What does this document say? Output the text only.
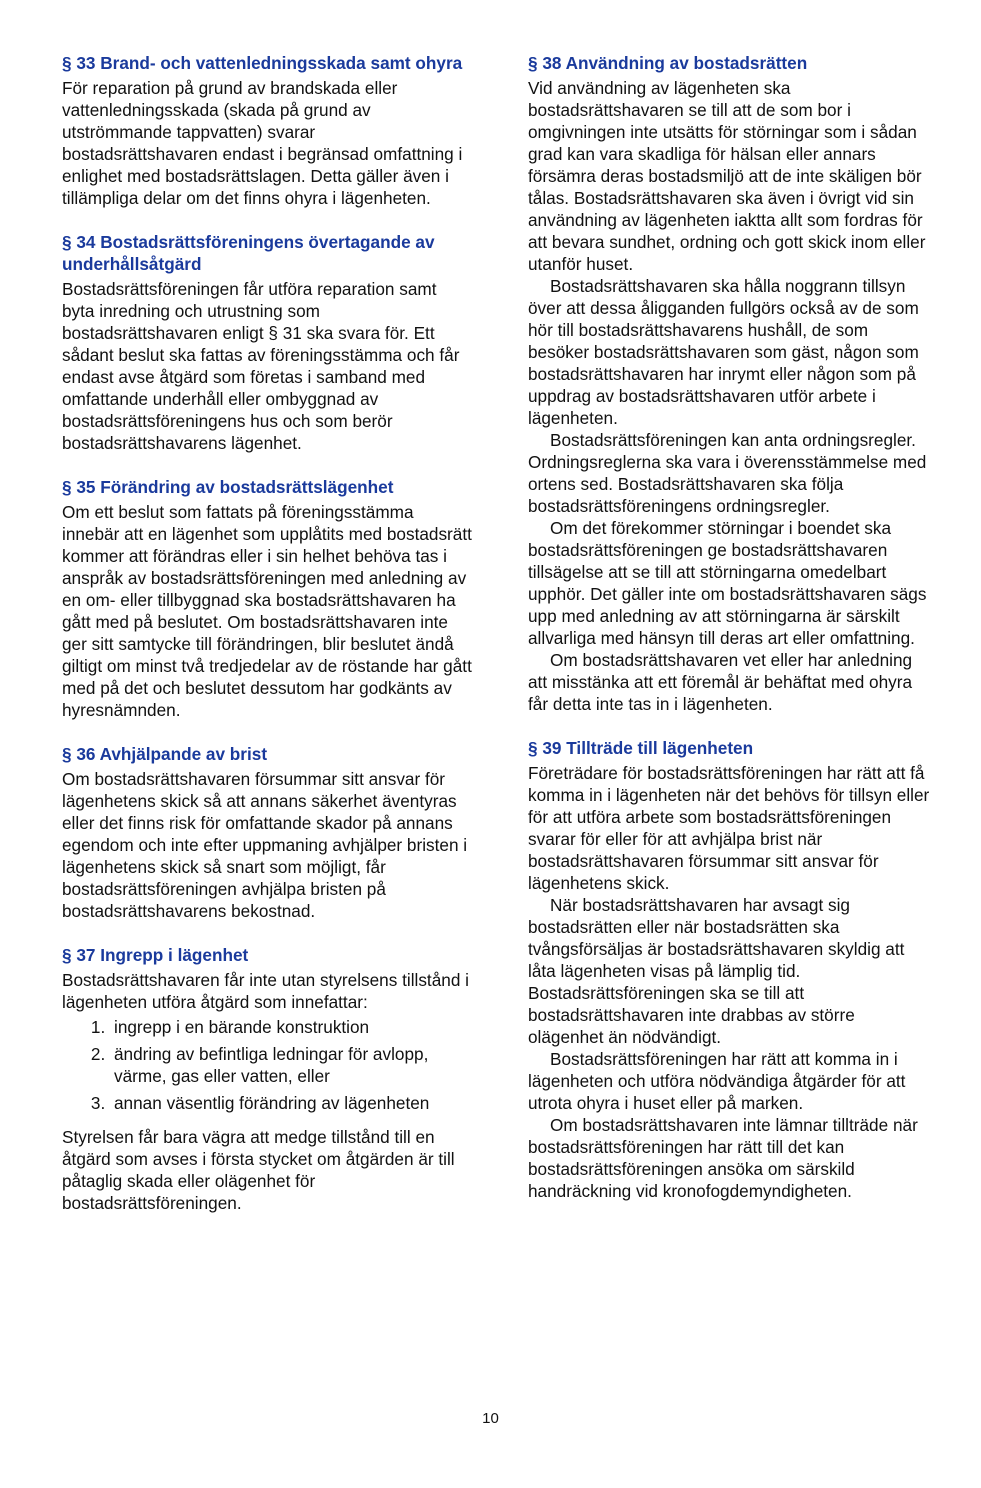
§ 33 Brand- och vattenledningsskada samt ohyra

För reparation på grund av brandskada eller vattenledningsskada (skada på grund av utströmmande tappvatten) svarar bostadsrättshavaren endast i begränsad omfattning i enlighet med bostadsrättslagen. Detta gäller även i tillämpliga delar om det finns ohyra i lägenheten.

§ 34 Bostadsrättsföreningens övertagande av underhållsåtgärd

Bostadsrättsföreningen får utföra reparation samt byta inredning och utrustning som bostadsrättshavaren enligt § 31 ska svara för. Ett sådant beslut ska fattas av föreningsstämma och får endast avse åtgärd som företas i samband med omfattande underhåll eller ombyggnad av bostadsrättsföreningens hus och som berör bostadsrättshavarens lägenhet.

§ 35 Förändring av bostadsrättslägenhet

Om ett beslut som fattats på föreningsstämma innebär att en lägenhet som upplåtits med bostadsrätt kommer att förändras eller i sin helhet behöva tas i anspråk av bostadsrättsföreningen med anledning av en om- eller tillbyggnad ska bostadsrättshavaren ha gått med på beslutet. Om bostadsrättshavaren inte ger sitt samtycke till förändringen, blir beslutet ändå giltigt om minst två tredjedelar av de röstande har gått med på det och beslutet dessutom har godkänts av hyresnämnden.

§ 36 Avhjälpande av brist

Om bostadsrättshavaren försummar sitt ansvar för lägenhetens skick så att annans säkerhet äventyras eller det finns risk för omfattande skador på annans egendom och inte efter uppmaning avhjälper bristen i lägenhetens skick så snart som möjligt, får bostadsrättsföreningen avhjälpa bristen på bostadsrättshavarens bekostnad.

§ 37 Ingrepp i lägenhet

Bostadsrättshavaren får inte utan styrelsens tillstånd i lägenheten utföra åtgärd som innefattar:

1. ingrepp i en bärande konstruktion
2. ändring av befintliga ledningar för avlopp, värme, gas eller vatten, eller
3. annan väsentlig förändring av lägenheten

Styrelsen får bara vägra att medge tillstånd till en åtgärd som avses i första stycket om åtgärden är till påtaglig skada eller olägenhet för bostadsrättsföreningen.

§ 38 Användning av bostadsrätten

Vid användning av lägenheten ska bostadsrättshavaren se till att de som bor i omgivningen inte utsätts för störningar som i sådan grad kan vara skadliga för hälsan eller annars försämra deras bostadsmiljö att de inte skäligen bör tålas. Bostadsrättshavaren ska även i övrigt vid sin användning av lägenheten iaktta allt som fordras för att bevara sundhet, ordning och gott skick inom eller utanför huset.

Bostadsrättshavaren ska hålla noggrann tillsyn över att dessa åligganden fullgörs också av de som hör till bostadsrättshavarens hushåll, de som besöker bostadsrättshavaren som gäst, någon som bostadsrättshavaren har inrymt eller någon som på uppdrag av bostadsrättshavaren utför arbete i lägenheten.

Bostadsrättsföreningen kan anta ordningsregler. Ordningsreglerna ska vara i överensstämmelse med ortens sed. Bostadsrättshavaren ska följa bostadsrättsföreningens ordningsregler.

Om det förekommer störningar i boendet ska bostadsrättsföreningen ge bostadsrättshavaren tillsägelse att se till att störningarna omedelbart upphör. Det gäller inte om bostadsrättshavaren sägs upp med anledning av att störningarna är särskilt allvarliga med hänsyn till deras art eller omfattning.

Om bostadsrättshavaren vet eller har anledning att misstänka att ett föremål är behäftat med ohyra får detta inte tas in i lägenheten.

§ 39 Tillträde till lägenheten

Företrädare för bostadsrättsföreningen har rätt att få komma in i lägenheten när det behövs för tillsyn eller för att utföra arbete som bostadsrättsföreningen svarar för eller för att avhjälpa brist när bostadsrättshavaren försummar sitt ansvar för lägenhetens skick.

När bostadsrättshavaren har avsagt sig bostadsrätten eller när bostadsrätten ska tvångsförsäljas är bostadsrättshavaren skyldig att låta lägenheten visas på lämplig tid. Bostadsrättsföreningen ska se till att bostadsrättshavaren inte drabbas av större olägenhet än nödvändigt.

Bostadsrättsföreningen har rätt att komma in i lägenheten och utföra nödvändiga åtgärder för att utrota ohyra i huset eller på marken.

Om bostadsrättshavaren inte lämnar tillträde när bostadsrättsföreningen har rätt till det kan bostadsrättsföreningen ansöka om särskild handräckning vid kronofogdemyndigheten.

10
